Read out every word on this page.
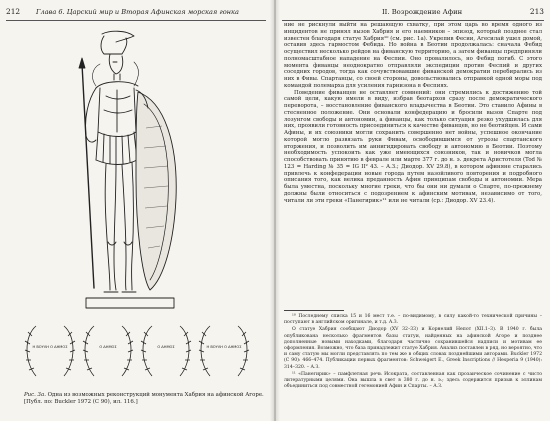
212 Глава 6. Царский мир и Вторая Афинская морская гонка
Η ΒΟΥΛΗ Ο ΔΗΜΟΣ	Ο ΔΗΜΟΣ	Ο ΔΗΜΟΣ	Η ΒΟΥΛΗ Ο ΔΗΜΟΣ
Рис. 3а. Одна из возможных реконструкций монумента Хабрия на афинской Агоре. [Публ. по: Buckler 1972 (C 90), ил. 116.]
II. Возрождение Афин	213

ние не рискнули выйти на решающую схватку, при этом царь во время одного из инцидентов не принял вызов Хабрия и его наемников – эпизод, который позднее стал известен благодаря статуе Хабрия¹⁰ (см. рис. 1а). Укрепив Фесии, Агесилай ушел домой, оставив здесь гармостом Фебида. Но война в Беотии продолжалась: сначала Фебид осуществил несколько рейдов на фиванскую территорию, а затем фиванцы предприняли полномасштабное нападение на Феспии. Оно провалилось, но Фебид погиб. С этого момента фиванцы неоднократно отправляли экспедиции против Феспий и других соседних городов, тогда как сочувствовавшие фиванской демократии перебирались из них в Фивы. Спартанцы, со своей стороны, довольствовались отправкой одной моры под командой полемарха для усиления гарнизона в Феспиях.

Поведение фиванцев не оставляет сомнений: они стремились к достижению той самой цели, какую имели в виду, избрав беотархов сразу после демократического переворота, – восстановление фиванского владычества в Беотии. Это ставило Афины в стесненное положение. Они основали конфедерацию и бросили вызов Спарте под лозунгом свободы и автономии, а фиванцы, как только ситуация резко ухудшилась для них, проявили готовность присоединиться к качестве фиванцев, но не беотийцев. И сами Афины, и их союзники могли сохранить совершенно нет войны, успешное окончание которой могло развязать руки Фивам, освободившимся от угрозы спартанского вторжения, и позволить им аннигидировать свободу и автономию в Беотии. Поэтому необходимость успокоить как уже имеющихся союзников, так и новичков могла способствовать принятию в феврале или марте 377 г. до н. э. декрета Аристотеля (Tod № 123 = Harding № 35 = IG II² 43. – А.З.; Диодор. XV 29.8), в котором афиняне старались привлечь к конфедерации новые города путем назойливого повторения и подробного описания того, как велика преданность Афин принципам свободы и автономии. Мера была уместна, поскольку многие греки, что бы они ни думали о Спарте, по-прежнему должны были относиться с подозрением к афинским мотивам, независимо от того, читали ли эти греки «Панегирик»¹¹ или не читали (ср.: Диодор. XV 23.4).

¹⁰ Последнему списка 15 и 16 мест т.е. – по-видимому, в силу какой-то технической причины – поступают в английском оригинале, и т.д. А.З.

О статуе Хабрия сообщают Диодор (XV 32–33) и Корнелий Непот (XII.1–3). В 1940 г. была опубликована несколько фрагментов базы статуи, найденных на афинской Агоре и позднее дополненные новыми находками, благодаря частично сохранившейся надписи и мотивам ее оформления. Возможно, что база принадлежит статуе Хабрия. Анализ поставлен в ряд, но вероятно, что и саму статую мы могли представлять по тем же в общих словах позднейшими авторами. Buckler 1972 (C 90): 466–474. Публикации первых фрагментов: Schweigert E., Greek Inscriptions // Hesperia 9 (1940): 314–320. – А.З.

¹¹ «Панегирик» – памфлетная речь Исократа, составленная как прозаическое сочинение с чисто литературными целями. Она вышла в свет в 380 г. до н. э.; здесь содержится призыв к эллинам объединиться под совместной гегемонией Афин и Спарты. – А.З.
